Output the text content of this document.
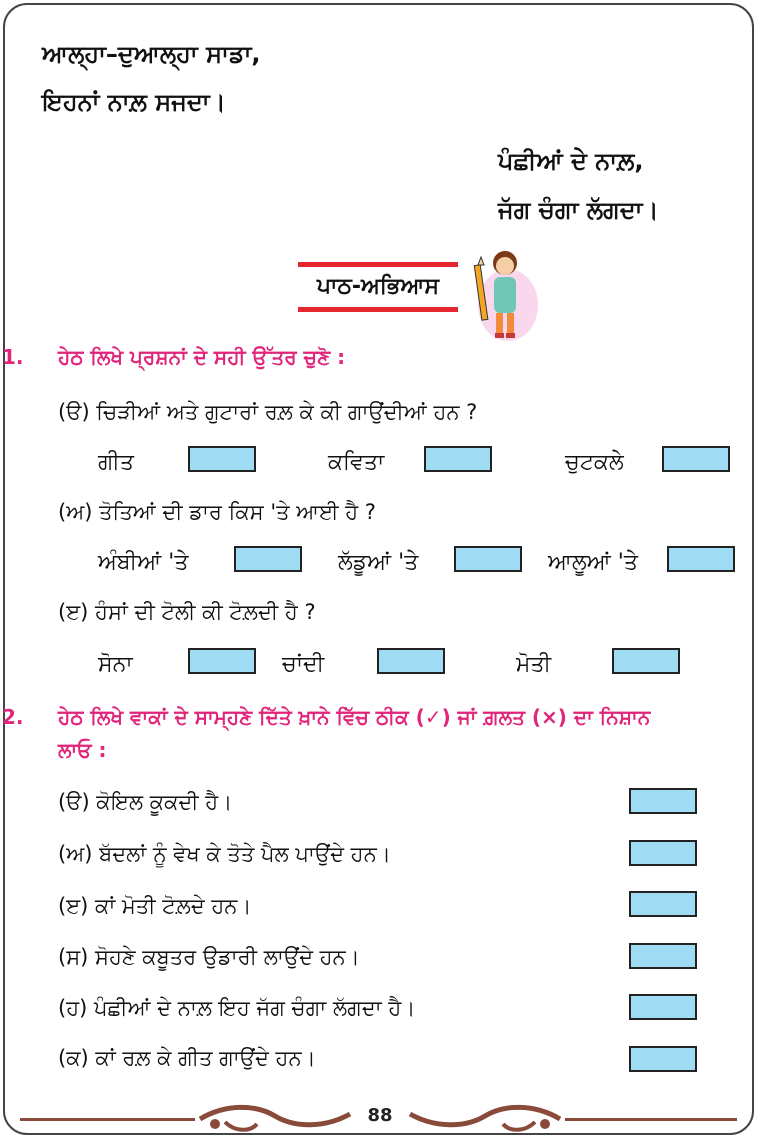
ਆਲ੍ਹਾ–ਦੁਆਲ੍ਹਾ ਸਾਡਾ,
ਇਹਨਾਂ ਨਾਲ਼ ਸਜਦਾ।
ਪੰਛੀਆਂ ਦੇ ਨਾਲ਼,
ਜੱਗ ਚੰਗਾ ਲੱਗਦਾ।
ਪਾਠ-ਅਭਿਆਸ
1. ਹੇਠ ਲਿਖੇ ਪ੍ਰਸ਼ਨਾਂ ਦੇ ਸਹੀ ਉੱਤਰ ਚੁਣੋ :
(ੳ) ਚਿੜੀਆਂ ਅਤੇ ਗੁਟਾਰਾਂ ਰਲ਼ ਕੇ ਕੀ ਗਾਉਂਦੀਆਂ ਹਨ ?
ਗੀਤ	ਕਵਿਤਾ	ਚੁਟਕਲੇ
(ਅ) ਤੋਤਿਆਂ ਦੀ ਡਾਰ ਕਿਸ 'ਤੇ ਆਈ ਹੈ ?
ਅੰਬੀਆਂ 'ਤੇ	ਲੱਡੂਆਂ 'ਤੇ	ਆਲੂਆਂ 'ਤੇ
(ੲ) ਹੰਸਾਂ ਦੀ ਟੋਲੀ ਕੀ ਟੋਲ਼ਦੀ ਹੈ ?
ਸੋਨਾ	ਚਾਂਦੀ	ਮੋਤੀ
2. ਹੇਠ ਲਿਖੇ ਵਾਕਾਂ ਦੇ ਸਾਮ੍ਹਣੇ ਦਿੱਤੇ ਖ਼ਾਨੇ ਵਿੱਚ ਠੀਕ (✓) ਜਾਂ ਗ਼ਲਤ (×) ਦਾ ਨਿਸ਼ਾਨ
ਲਾਓ :
(ੳ) ਕੋਇਲ ਕੂਕਦੀ ਹੈ।
(ਅ) ਬੱਦਲਾਂ ਨੂੰ ਵੇਖ ਕੇ ਤੋਤੇ ਪੈਲ ਪਾਉਂਦੇ ਹਨ।
(ੲ) ਕਾਂ ਮੋਤੀ ਟੋਲ਼ਦੇ ਹਨ।
(ਸ) ਸੋਹਣੇ ਕਬੂਤਰ ਉਡਾਰੀ ਲਾਉਂਦੇ ਹਨ।
(ਹ) ਪੰਛੀਆਂ ਦੇ ਨਾਲ਼ ਇਹ ਜੱਗ ਚੰਗਾ ਲੱਗਦਾ ਹੈ।
(ਕ) ਕਾਂ ਰਲ਼ ਕੇ ਗੀਤ ਗਾਉਂਦੇ ਹਨ।
88
